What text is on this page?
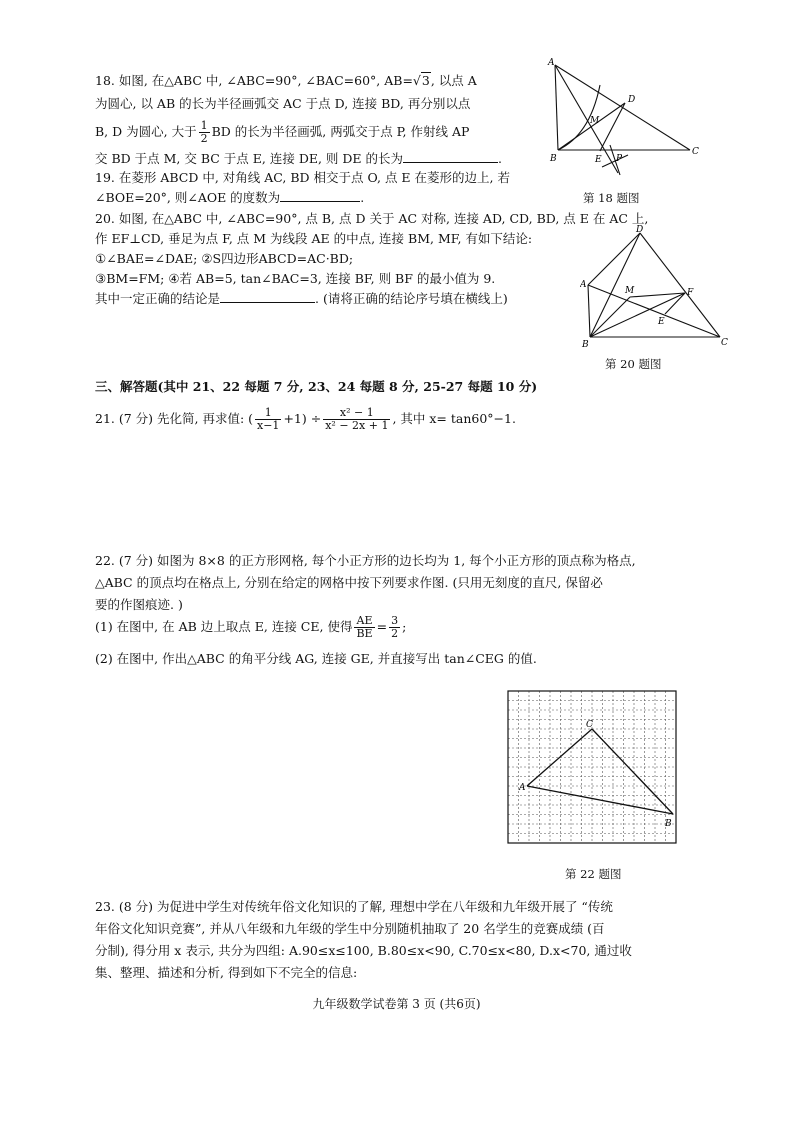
18. 如图, 在△ABC 中, ∠ABC=90°, ∠BAC=60°, AB=√3, 以点 A
为圆心, 以 AB 的长为半径画弧交 AC 于点 D, 连接 BD, 再分别以点
B, D 为圆心, 大于 $\frac{1}{2}$ BD 的长为半径画弧, 两弧交于点 P, 作射线 AP
交 BD 于点 M, 交 BC 于点 E, 连接 DE, 则 DE 的长为	.
A
B
C
D
M
E P
第 18 题图
19. 在菱形 ABCD 中, 对角线 AC, BD 相交于点 O, 点 E 在菱形的边上, 若
∠BOE=20°, 则∠AOE 的度数为	.
20. 如图, 在△ABC 中, ∠ABC=90°, 点 B, 点 D 关于 AC 对称, 连接 AD, CD, BD, 点 E 在 AC 上,
作 EF⊥CD, 垂足为点 F, 点 M 为线段 AE 的中点, 连接 BM, MF, 有如下结论:
①∠BAE=∠DAE; ②S四边形ABCD=AC·BD;
③BM=FM; ④若 AB=5, tan∠BAC=3, 连接 BF, 则 BF 的最小值为 9.
其中一定正确的结论是	. (请将正确的结论序号填在横线上)
A
B	C
D
M
E
F
第 20 题图
三、解答题(其中 21、22 每题 7 分, 23、24 每题 8 分, 25-27 每题 10 分)
21. (7 分) 先化简, 再求值: ( $\frac{1}{x-1} +1) \div \frac{\text{x² − 1}}{\text{x² − 2x + 1}}$ , 其中 x= tan60°−1.
22. (7 分) 如图为 8×8 的正方形网格, 每个小正方形的边长均为 1, 每个小正方形的顶点称为格点,
△ABC 的顶点均在格点上, 分别在给定的网格中按下列要求作图. (只用无刻度的直尺, 保留必
要的作图痕迹. )
(1) 在图中, 在 AB 边上取点 E, 连接 CE, 使得 $\frac{AE}{BE} = \frac{3}{2}$ ;
(2) 在图中, 作出△ABC 的角平分线 AG, 连接 GE, 并直接写出 tan∠CEG 的值.
A
B
C
第 22 题图
23. (8 分) 为促进中学生对传统年俗文化知识的了解, 理想中学在八年级和九年级开展了 “传统
年俗文化知识竞赛”, 并从八年级和九年级的学生中分别随机抽取了 20 名学生的竞赛成绩 (百
分制), 得分用 x 表示, 共分为四组: A.90≤x≤100, B.80≤x<90, C.70≤x<80, D.x<70, 通过收
集、整理、描述和分析, 得到如下不完全的信息:
九年级数学试卷第 3 页 (共6页)
